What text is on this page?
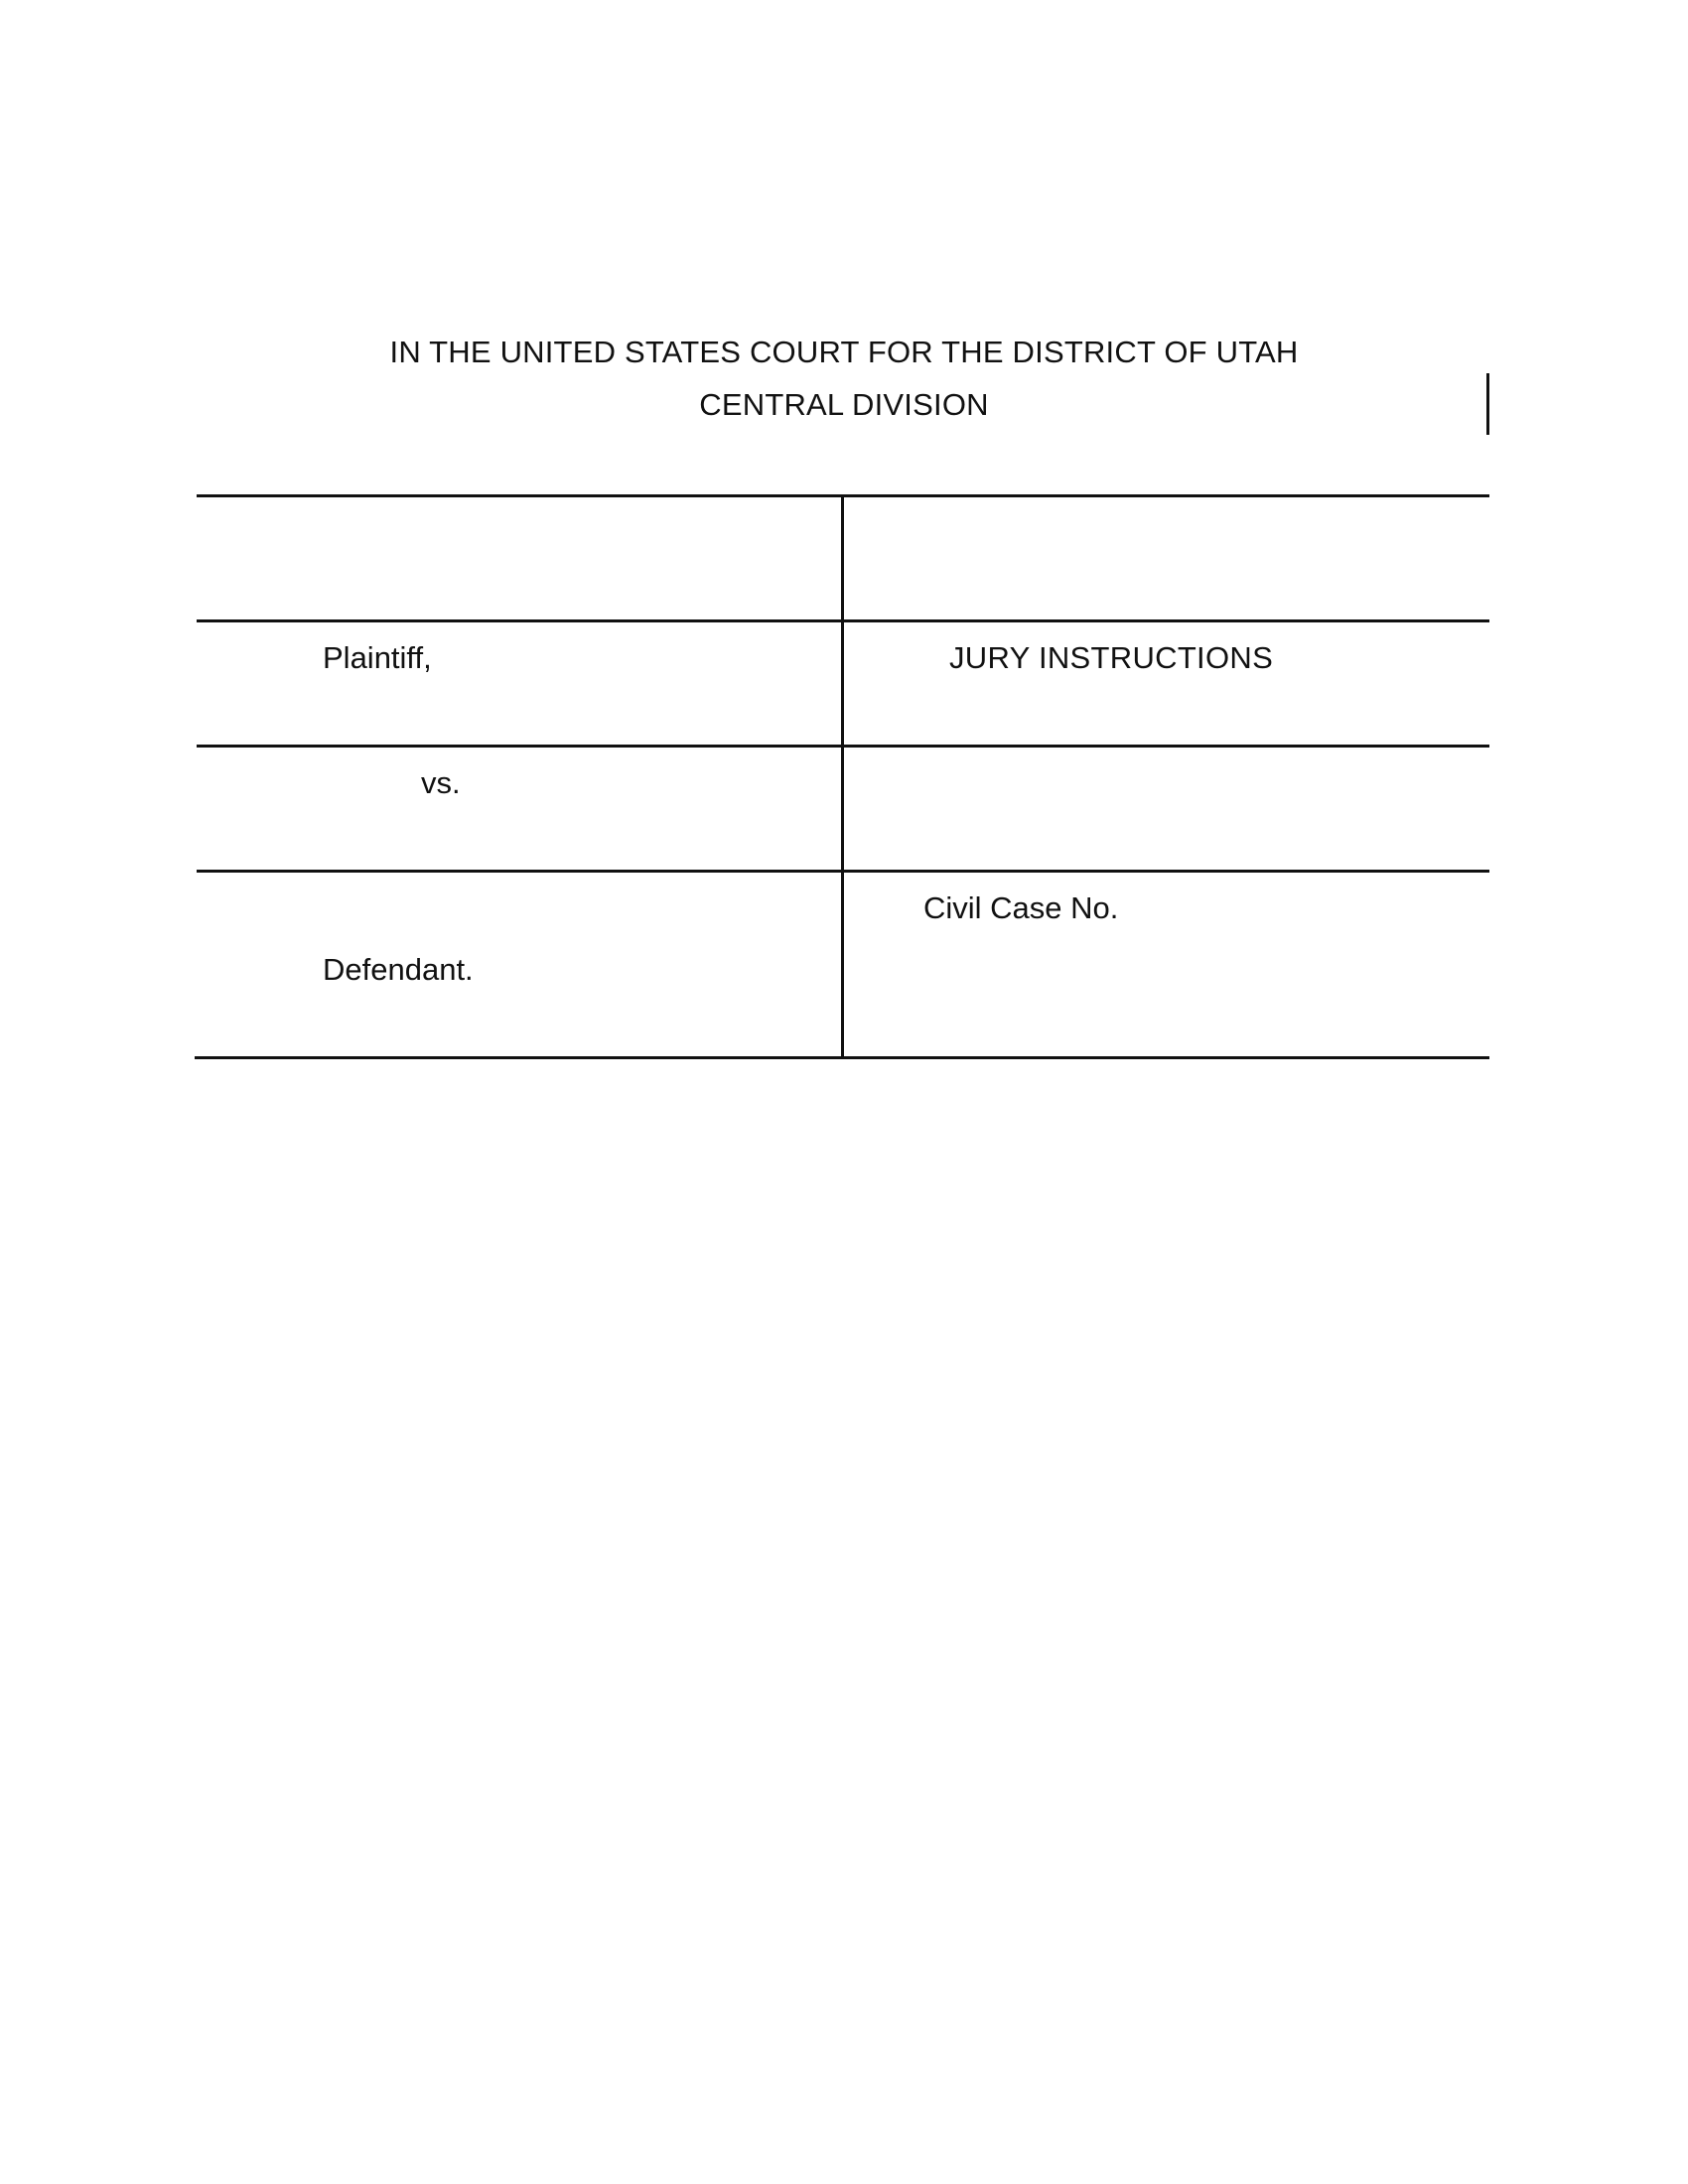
IN THE UNITED STATES COURT FOR THE DISTRICT OF UTAH
CENTRAL DIVISION
Plaintiff,
vs.
Defendant.
JURY INSTRUCTIONS
Civil Case No.
